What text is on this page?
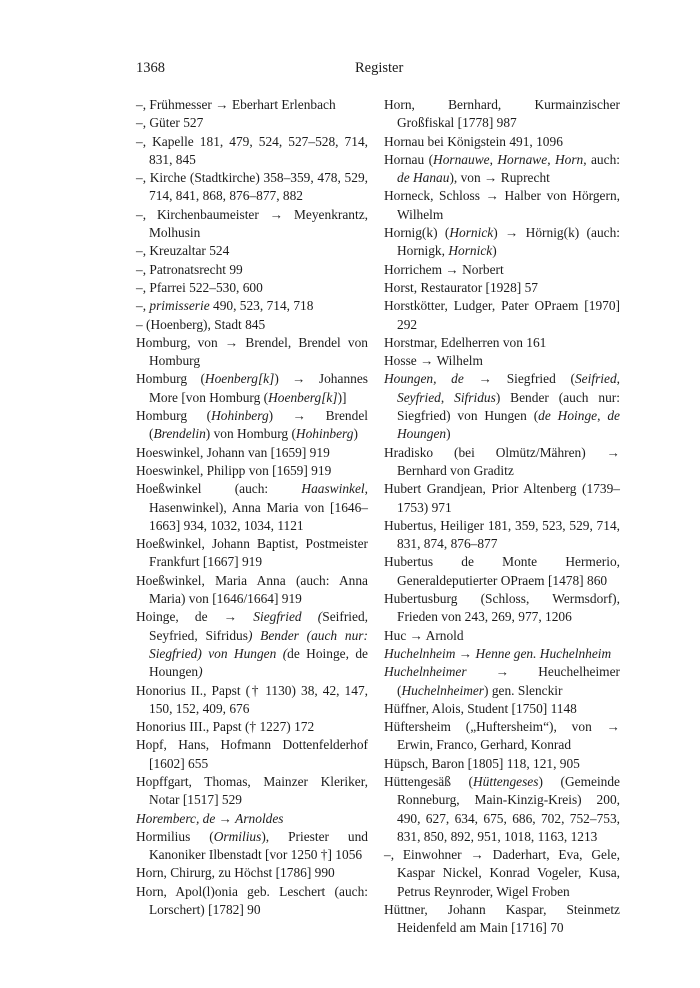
1368	Register

–, Frühmesser → Eberhart Erlenbach

–, Güter 527

–, Kapelle 181, 479, 524, 527–528, 714, 831, 845

–, Kirche (Stadtkirche) 358–359, 478, 529, 714, 841, 868, 876–877, 882

–, Kirchenbaumeister → Meyenkrantz, Molhusin

–, Kreuzaltar 524

–, Patronatsrecht 99

–, Pfarrei 522–530, 600

–, primisserie 490, 523, 714, 718

– (Hoenberg), Stadt 845

Homburg, von → Brendel, Brendel von Homburg

Homburg (Hoenberg[k]) → Johannes More [von Homburg (Hoenberg[k])]

Homburg (Hohinberg) → Brendel (Brendelin) von Homburg (Hohinberg)

Hoeswinkel, Johann van [1659] 919

Hoeswinkel, Philipp von [1659] 919

Hoeßwinkel (auch: Haaswinkel, Hasenwinkel), Anna Maria von [1646–1663] 934, 1032, 1034, 1121

Hoeßwinkel, Johann Baptist, Postmeister Frankfurt [1667] 919

Hoeßwinkel, Maria Anna (auch: Anna Maria) von [1646/1664] 919

Hoinge, de → Siegfried (Seifried, Seyfried, Sifridus) Bender (auch nur: Siegfried) von Hungen (de Hoinge, de Houngen)

Honorius II., Papst († 1130) 38, 42, 147, 150, 152, 409, 676

Honorius III., Papst († 1227) 172

Hopf, Hans, Hofmann Dottenfelderhof [1602] 655

Hopffgart, Thomas, Mainzer Kleriker, Notar [1517] 529

Horemberc, de → Arnoldes

Hormilius (Ormilius), Priester und Kanoniker Ilbenstadt [vor 1250 †] 1056

Horn, Chirurg, zu Höchst [1786] 990

Horn, Apol(l)onia geb. Leschert (auch: Lorschert) [1782] 90

Horn, Bernhard, Kurmainzischer Großfiskal [1778] 987

Hornau bei Königstein 491, 1096

Hornau (Hornauwe, Hornawe, Horn, auch: de Hanau), von → Ruprecht

Horneck, Schloss → Halber von Hörgern, Wilhelm

Hornig(k) (Hornick) → Hörnig(k) (auch: Hornigk, Hornick)

Horrichem → Norbert

Horst, Restaurator [1928] 57

Horstkötter, Ludger, Pater OPraem [1970] 292

Horstmar, Edelherren von 161

Hosse → Wilhelm

Houngen, de → Siegfried (Seifried, Seyfried, Sifridus) Bender (auch nur: Siegfried) von Hungen (de Hoinge, de Houngen)

Hradisko (bei Olmütz/Mähren) → Bernhard von Graditz

Hubert Grandjean, Prior Altenberg (1739–1753) 971

Hubertus, Heiliger 181, 359, 523, 529, 714, 831, 874, 876–877

Hubertus de Monte Hermerio, Generaldeputierter OPraem [1478] 860

Hubertusburg (Schloss, Wermsdorf), Frieden von 243, 269, 977, 1206

Huc → Arnold

Huchelnheim → Henne gen. Huchelnheim

Huchelnheimer → Heuchelheimer (Huchelnheimer) gen. Slenckir

Hüffner, Alois, Student [1750] 1148

Hüftersheim („Huftersheim“), von → Erwin, Franco, Gerhard, Konrad

Hüpsch, Baron [1805] 118, 121, 905

Hüttengesäß (Hüttengeses) (Gemeinde Ronneburg, Main-Kinzig-Kreis) 200, 490, 627, 634, 675, 686, 702, 752–753, 831, 850, 892, 951, 1018, 1163, 1213

–, Einwohner → Daderhart, Eva, Gele, Kaspar Nickel, Konrad Vogeler, Kusa, Petrus Reynroder, Wigel Froben

Hüttner, Johann Kaspar, Steinmetz Heidenfeld am Main [1716] 70
